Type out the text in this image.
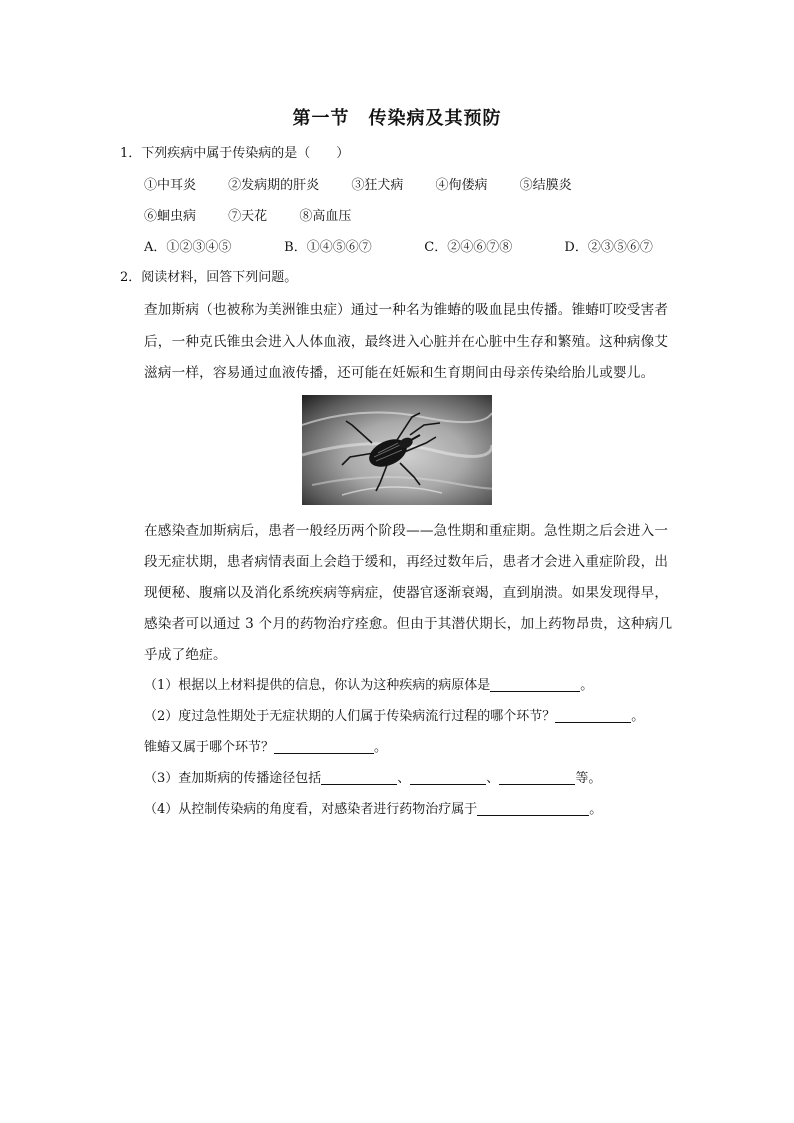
第一节　传染病及其预防
1．下列疾病中属于传染病的是（　　）
①中耳炎 ②发病期的肝炎 ③狂犬病 ④佝偻病 ⑤结膜炎
⑥蛔虫病 ⑦天花 ⑧高血压
A．①②③④⑤	B．①④⑤⑥⑦	C．②④⑥⑦⑧	D．②③⑤⑥⑦
2．阅读材料，回答下列问题。
查加斯病（也被称为美洲锥虫症）通过一种名为锥蝽的吸血昆虫传播。锥蝽叮咬受害者
后，一种克氏锥虫会进入人体血液，最终进入心脏并在心脏中生存和繁殖。这种病像艾
滋病一样，容易通过血液传播，还可能在妊娠和生育期间由母亲传染给胎儿或婴儿。
在感染查加斯病后，患者一般经历两个阶段——急性期和重症期。急性期之后会进入一
段无症状期，患者病情表面上会趋于缓和，再经过数年后，患者才会进入重症阶段，出
现便秘、腹痛以及消化系统疾病等病症，使器官逐渐衰竭，直到崩溃。如果发现得早，
感染者可以通过 3 个月的药物治疗痊愈。但由于其潜伏期长，加上药物昂贵，这种病几
乎成了绝症。
（1）根据以上材料提供的信息，你认为这种疾病的病原体是	。
（2）度过急性期处于无症状期的人们属于传染病流行过程的哪个环节？	。
锥蝽又属于哪个环节？	。
（3）查加斯病的传播途径包括	、	、	等。
（4）从控制传染病的角度看，对感染者进行药物治疗属于	。
